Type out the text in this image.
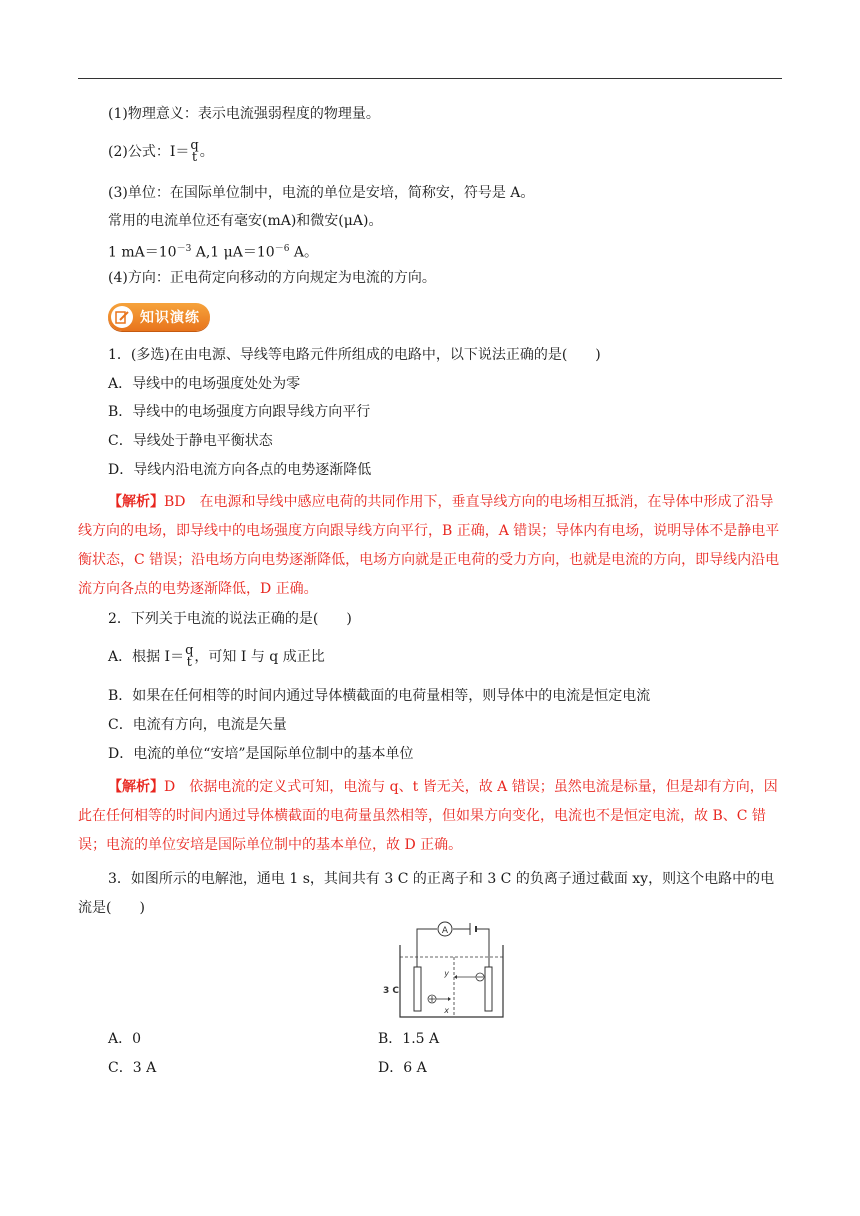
(1)物理意义：表示电流强弱程度的物理量。
(2)公式：I＝ q
t 。
(3)单位：在国际单位制中，电流的单位是安培，简称安，符号是 A。
常用的电流单位还有毫安(mA)和微安(μA)。
1 $mA=10^{-3}$ A,1 $\mu A=10^{-6}$ A。
(4)方向：正电荷定向移动的方向规定为电流的方向。
知识演练
1．(多选)在由电源、导线等电路元件所组成的电路中，以下说法正确的是(　　)
A．导线中的电场强度处处为零
B．导线中的电场强度方向跟导线方向平行
C．导线处于静电平衡状态
D．导线内沿电流方向各点的电势逐渐降低
【解析】BD　在电源和导线中感应电荷的共同作用下，垂直导线方向的电场相互抵消，在导体中形成了沿导线方向的电场，即导线中的电场强度方向跟导线方向平行，B 正确，A 错误；导体内有电场，说明导体不是静电平衡状态，C 错误；沿电场方向电势逐渐降低，电场方向就是正电荷的受力方向，也就是电流的方向，即导线内沿电流方向各点的电势逐渐降低，D 正确。
2．下列关于电流的说法正确的是(　　)
A．根据 I＝ q
t ，可知 I 与 q 成正比
B．如果在任何相等的时间内通过导体横截面的电荷量相等，则导体中的电流是恒定电流
C．电流有方向，电流是矢量
D．电流的单位“安培”是国际单位制中的基本单位
【解析】D　依据电流的定义式可知，电流与 q、t 皆无关，故 A 错误；虽然电流是标量，但是却有方向，因此在任何相等的时间内通过导体横截面的电荷量虽然相等，但如果方向变化，电流也不是恒定电流，故 B、C 错误；电流的单位安培是国际单位制中的基本单位，故 D 正确。
3．如图所示的电解池，通电 1 s，其间共有 3 C 的正离子和 3 C 的负离子通过截面 xy，则这个电路中的电流是(　　)
A
y
x
3 C
A．0	B．1.5 A
C．3 A	D．6 A
